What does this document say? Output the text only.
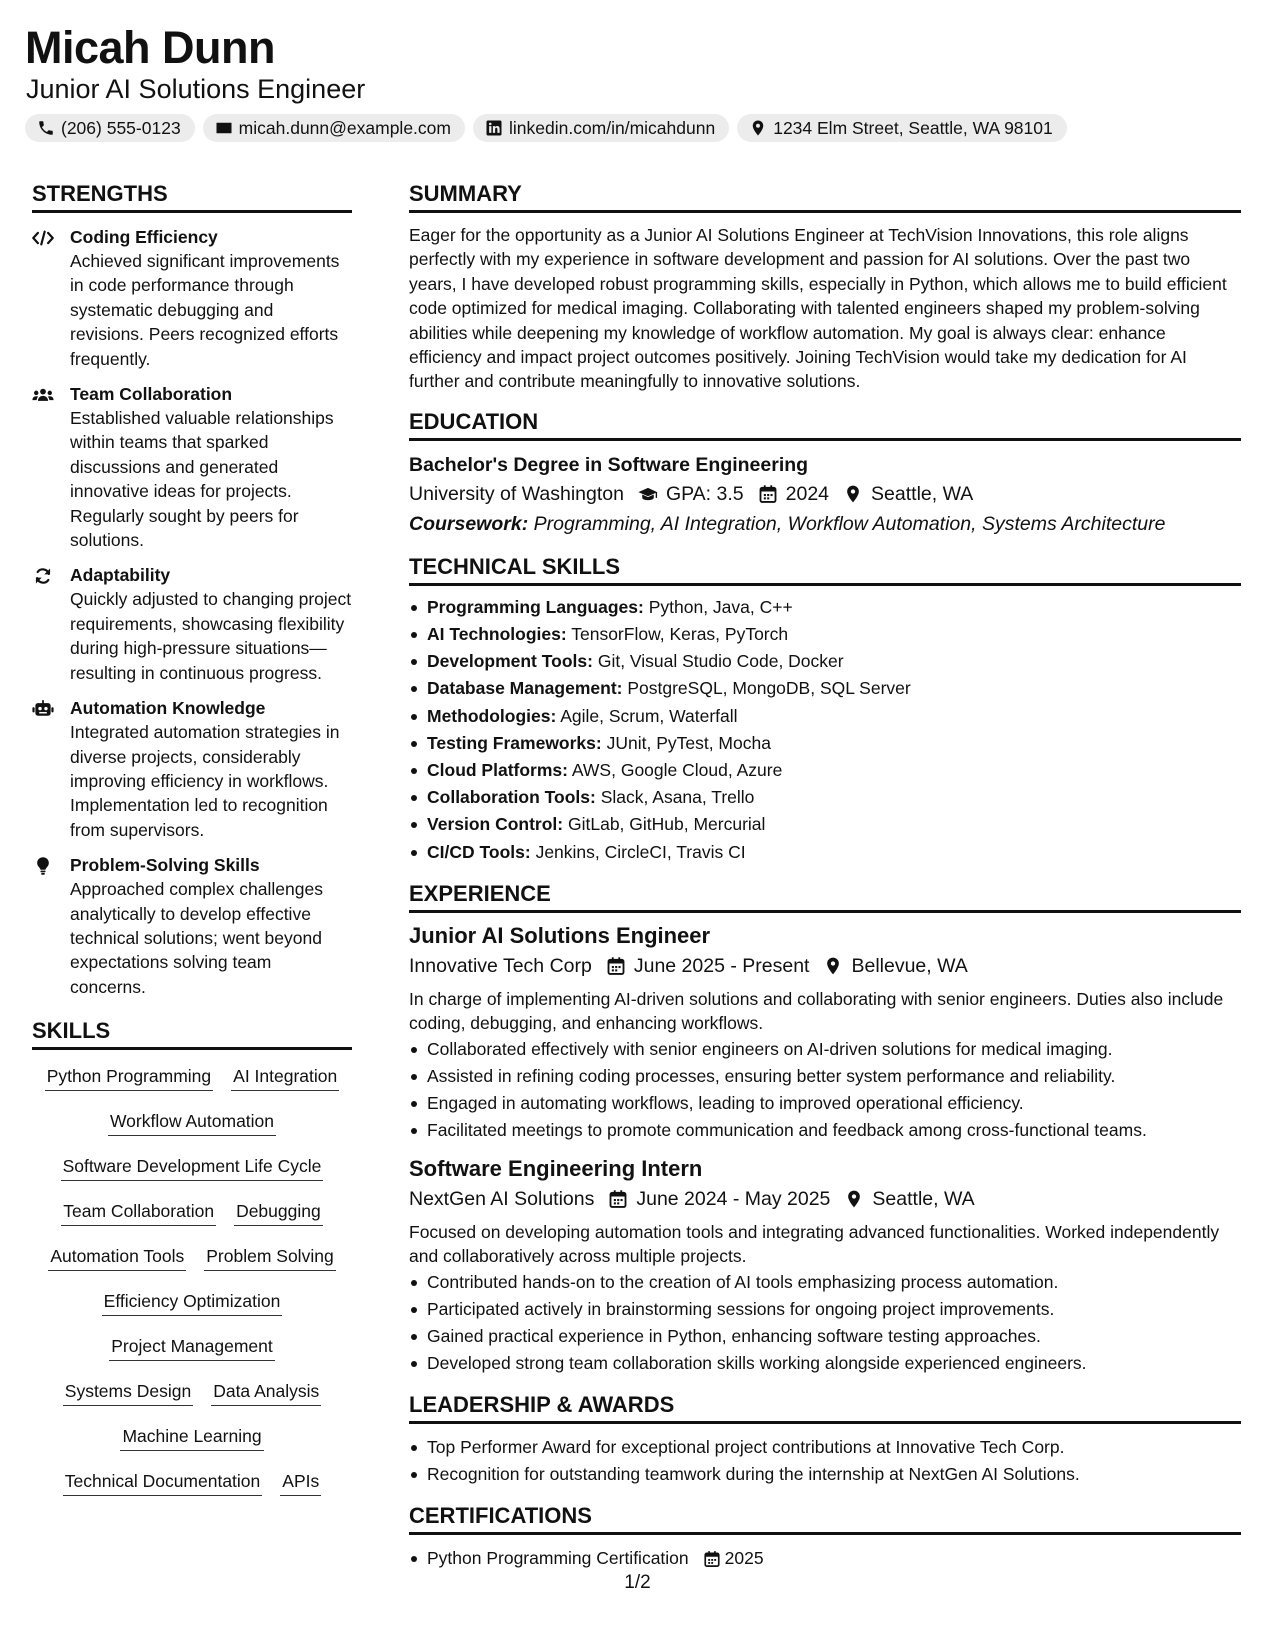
Micah Dunn
Junior AI Solutions Engineer
(206) 555-0123	micah.dunn@example.com	linkedin.com/in/micahdunn	1234 Elm Street, Seattle, WA 98101
STRENGTHS
Coding Efficiency
Achieved significant improvements in code performance through systematic debugging and revisions. Peers recognized efforts frequently.
Team Collaboration
Established valuable relationships within teams that sparked discussions and generated innovative ideas for projects. Regularly sought by peers for solutions.
Adaptability
Quickly adjusted to changing project requirements, showcasing flexibility during high-pressure situations—resulting in continuous progress.
Automation Knowledge
Integrated automation strategies in diverse projects, considerably improving efficiency in workflows. Implementation led to recognition from supervisors.
Problem-Solving Skills
Approached complex challenges analytically to develop effective technical solutions; went beyond expectations solving team concerns.
SKILLS
Python Programming AI Integration
Workflow Automation
Software Development Life Cycle
Team Collaboration Debugging
Automation Tools Problem Solving
Efficiency Optimization
Project Management
Systems Design Data Analysis
Machine Learning
Technical Documentation APIs
SUMMARY
Eager for the opportunity as a Junior AI Solutions Engineer at TechVision Innovations, this role aligns perfectly with my experience in software development and passion for AI solutions. Over the past two years, I have developed robust programming skills, especially in Python, which allows me to build efficient code optimized for medical imaging. Collaborating with talented engineers shaped my problem-solving abilities while deepening my knowledge of workflow automation. My goal is always clear: enhance efficiency and impact project outcomes positively. Joining TechVision would take my dedication for AI further and contribute meaningfully to innovative solutions.
EDUCATION
Bachelor's Degree in Software Engineering
University of Washington GPA: 3.5 2024 Seattle, WA
Coursework: Programming, AI Integration, Workflow Automation, Systems Architecture
TECHNICAL SKILLS
Programming Languages: Python, Java, C++
AI Technologies: TensorFlow, Keras, PyTorch
Development Tools: Git, Visual Studio Code, Docker
Database Management: PostgreSQL, MongoDB, SQL Server
Methodologies: Agile, Scrum, Waterfall
Testing Frameworks: JUnit, PyTest, Mocha
Cloud Platforms: AWS, Google Cloud, Azure
Collaboration Tools: Slack, Asana, Trello
Version Control: GitLab, GitHub, Mercurial
CI/CD Tools: Jenkins, CircleCI, Travis CI
EXPERIENCE
Junior AI Solutions Engineer
Innovative Tech Corp June 2025 - Present Bellevue, WA
In charge of implementing AI-driven solutions and collaborating with senior engineers. Duties also include coding, debugging, and enhancing workflows.
Collaborated effectively with senior engineers on AI-driven solutions for medical imaging.
Assisted in refining coding processes, ensuring better system performance and reliability.
Engaged in automating workflows, leading to improved operational efficiency.
Facilitated meetings to promote communication and feedback among cross-functional teams.
Software Engineering Intern
NextGen AI Solutions June 2024 - May 2025 Seattle, WA
Focused on developing automation tools and integrating advanced functionalities. Worked independently and collaboratively across multiple projects.
Contributed hands-on to the creation of AI tools emphasizing process automation.
Participated actively in brainstorming sessions for ongoing project improvements.
Gained practical experience in Python, enhancing software testing approaches.
Developed strong team collaboration skills working alongside experienced engineers.
LEADERSHIP & AWARDS
Top Performer Award for exceptional project contributions at Innovative Tech Corp.
Recognition for outstanding teamwork during the internship at NextGen AI Solutions.
CERTIFICATIONS
Python Programming Certification 2025
1/2
